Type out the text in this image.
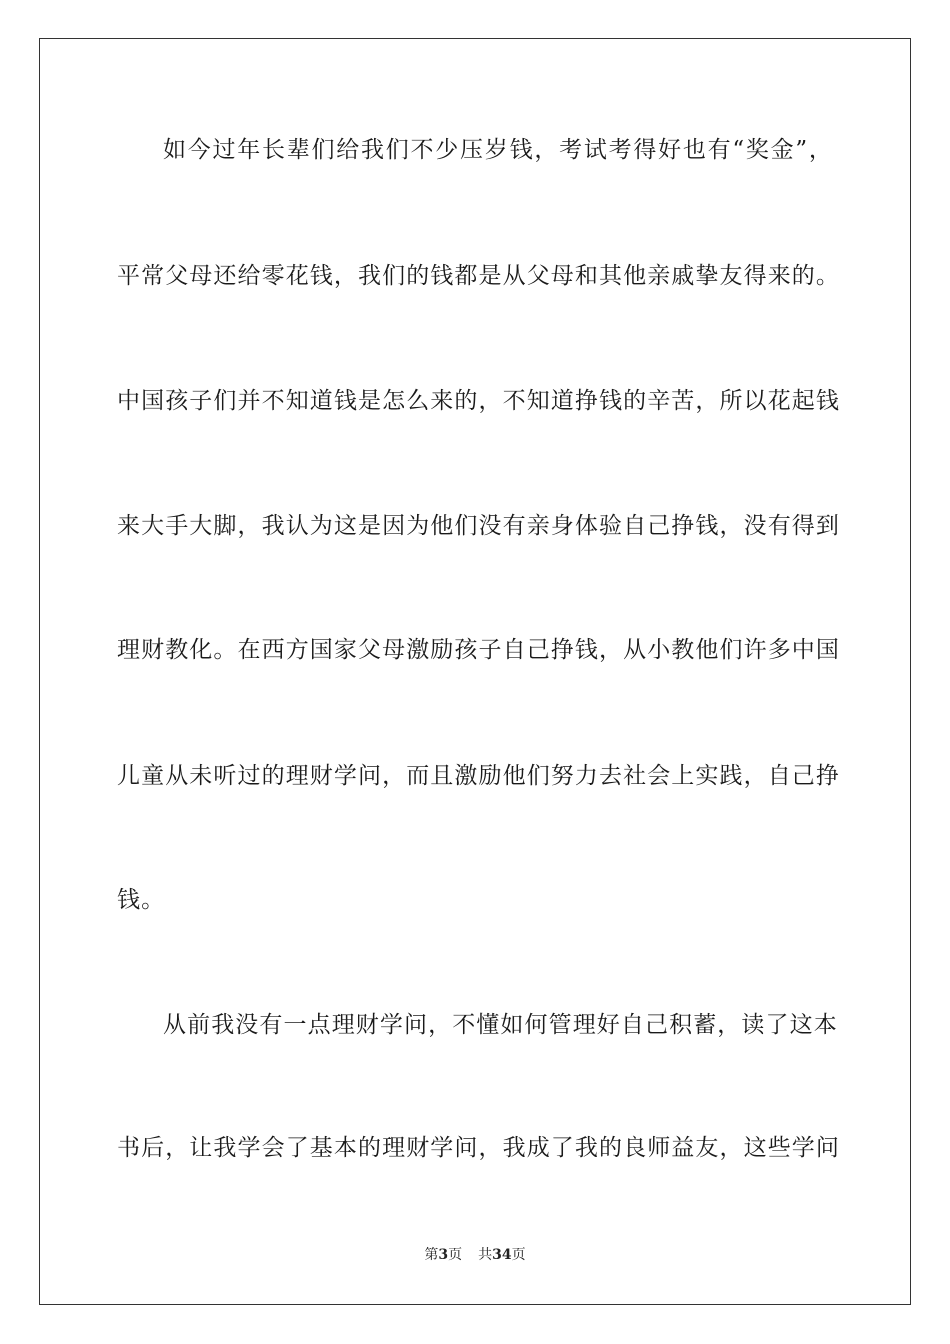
如今过年长辈们给我们不少压岁钱，考试考得好也有“奖金”，
平常父母还给零花钱，我们的钱都是从父母和其他亲戚挚友得来的。
中国孩子们并不知道钱是怎么来的，不知道挣钱的辛苦，所以花起钱
来大手大脚，我认为这是因为他们没有亲身体验自己挣钱，没有得到
理财教化。在西方国家父母激励孩子自己挣钱，从小教他们许多中国
儿童从未听过的理财学问，而且激励他们努力去社会上实践，自己挣
钱。
从前我没有一点理财学问，不懂如何管理好自己积蓄，读了这本
书后，让我学会了基本的理财学问，我成了我的良师益友，这些学问
第3页 共34页
